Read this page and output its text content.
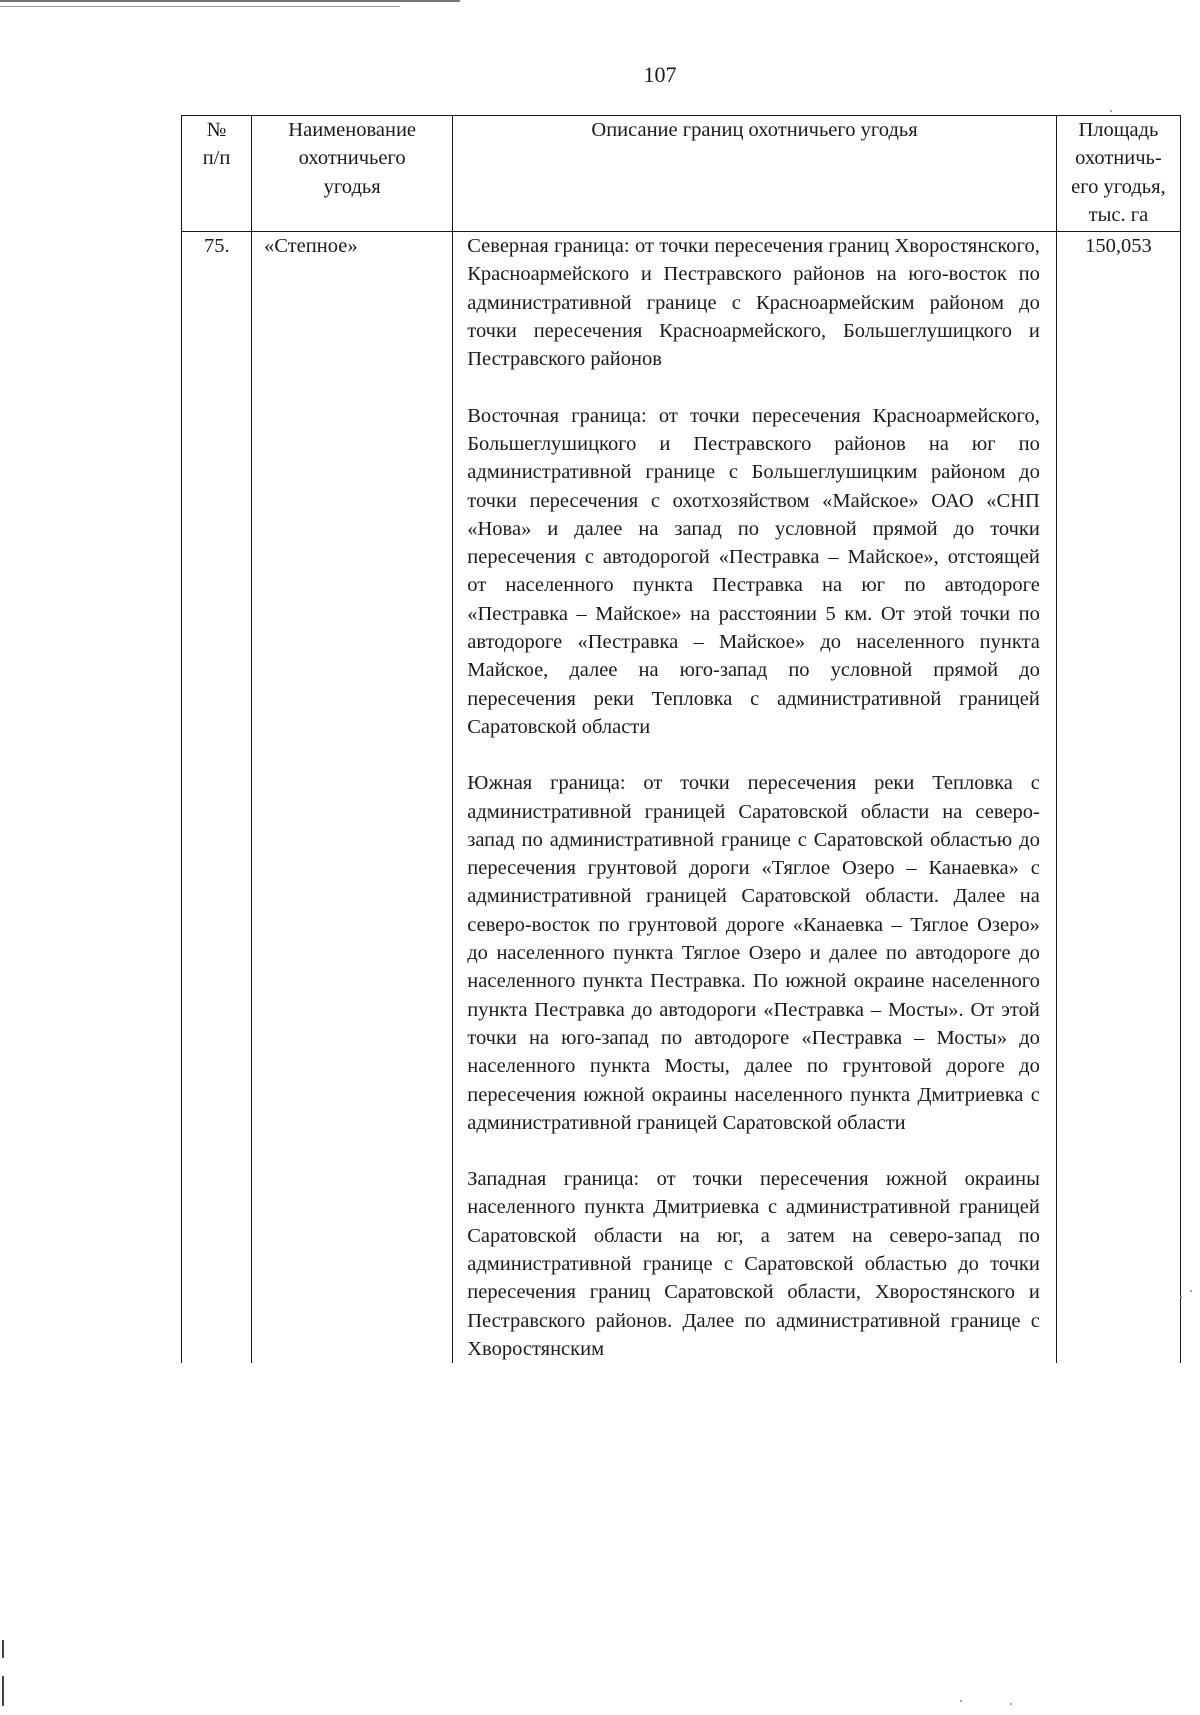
107
№ п/п	Наименование охотничьего угодья	Описание границ охотничьего угодья	Площадь охотничь-его угодья, тыс. га
75.	«Степное»	Северная граница: от точки пересечения границ Хворостянского, Красноармейского и Пестравского районов на юго-восток по административной границе с Красноармейским районом до точки пересечения Красноармейского, Большеглушицкого и Пестравского районов

Восточная граница: от точки пересечения Красноармейского, Большеглушицкого и Пестравского районов на юг по административной границе с Большеглушицким районом до точки пересечения с охотхозяйством «Майское» ОАО «СНП «Нова» и далее на запад по условной прямой до точки пересечения с автодорогой «Пестравка – Майское», отстоящей от населенного пункта Пестравка на юг по автодороге «Пестравка – Майское» на расстоянии 5 км. От этой точки по автодороге «Пестравка – Майское» до населенного пункта Майское, далее на юго-запад по условной прямой до пересечения реки Тепловка с административной границей Саратовской области

Южная граница: от точки пересечения реки Тепловка с административной границей Саратовской области на северо-запад по административной границе с Саратовской областью до пересечения грунтовой дороги «Тяглое Озеро – Канаевка» с административной границей Саратовской области. Далее на северо-восток по грунтовой дороге «Канаевка – Тяглое Озеро» до населенного пункта Тяглое Озеро и далее по автодороге до населенного пункта Пестравка. По южной окраине населенного пункта Пестравка до автодороги «Пестравка – Мосты». От этой точки на юго-запад по автодороге «Пестравка – Мосты» до населенного пункта Мосты, далее по грунтовой дороге до пересечения южной окраины населенного пункта Дмитриевка с административной границей Саратовской области

Западная граница: от точки пересечения южной окраины населенного пункта Дмитриевка с административной границей Саратовской области на юг, а затем на северо-запад по административной границе с Саратовской областью до точки пересечения границ Саратовской области, Хворостянского и Пестравского районов. Далее по административной границе с Хворостянским	150,053
